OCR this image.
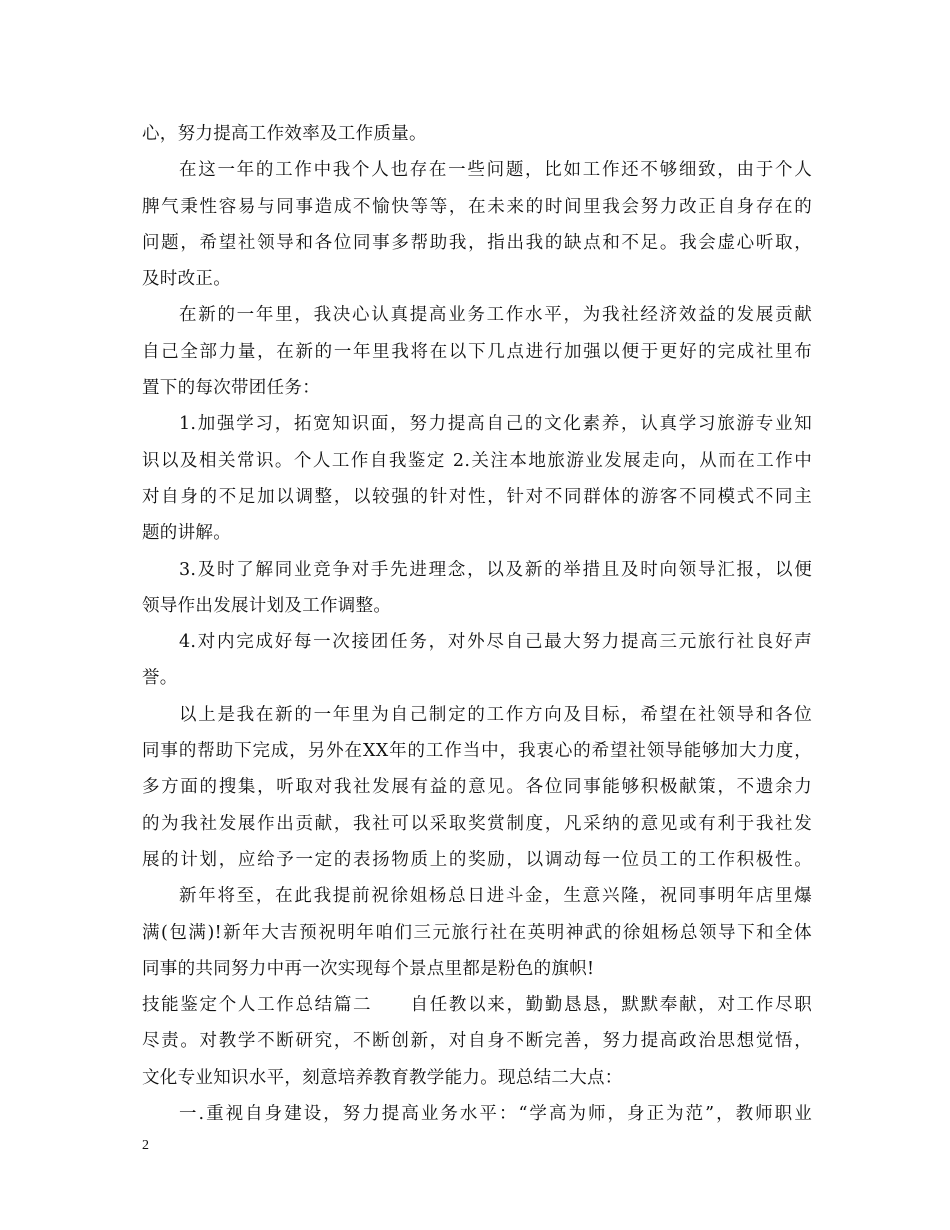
心，努力提高工作效率及工作质量。
在这一年的工作中我个人也存在一些问题，比如工作还不够细致，由于个人
脾气秉性容易与同事造成不愉快等等，在未来的时间里我会努力改正自身存在的
问题，希望社领导和各位同事多帮助我，指出我的缺点和不足。我会虚心听取，
及时改正。
在新的一年里，我决心认真提高业务工作水平，为我社经济效益的发展贡献
自己全部力量，在新的一年里我将在以下几点进行加强以便于更好的完成社里布
置下的每次带团任务：
1.加强学习，拓宽知识面，努力提高自己的文化素养，认真学习旅游专业知
识以及相关常识。个人工作自我鉴定 2.关注本地旅游业发展走向，从而在工作中
对自身的不足加以调整，以较强的针对性，针对不同群体的游客不同模式不同主
题的讲解。
3.及时了解同业竞争对手先进理念，以及新的举措且及时向领导汇报，以便
领导作出发展计划及工作调整。
4.对内完成好每一次接团任务，对外尽自己最大努力提高三元旅行社良好声
誉。
以上是我在新的一年里为自己制定的工作方向及目标，希望在社领导和各位
同事的帮助下完成，另外在XX年的工作当中，我衷心的希望社领导能够加大力度，
多方面的搜集，听取对我社发展有益的意见。各位同事能够积极献策，不遗余力
的为我社发展作出贡献，我社可以采取奖赏制度，凡采纳的意见或有利于我社发
展的计划，应给予一定的表扬物质上的奖励，以调动每一位员工的工作积极性。
新年将至，在此我提前祝徐姐杨总日进斗金，生意兴隆，祝同事明年店里爆
满(包满)!新年大吉预祝明年咱们三元旅行社在英明神武的徐姐杨总领导下和全体
同事的共同努力中再一次实现每个景点里都是粉色的旗帜!
技能鉴定个人工作总结篇二　　自任教以来，勤勤恳恳，默默奉献，对工作尽职
尽责。对教学不断研究，不断创新，对自身不断完善，努力提高政治思想觉悟，
文化专业知识水平，刻意培养教育教学能力。现总结二大点：
一.重视自身建设，努力提高业务水平：“学高为师，身正为范”，教师职业
2
